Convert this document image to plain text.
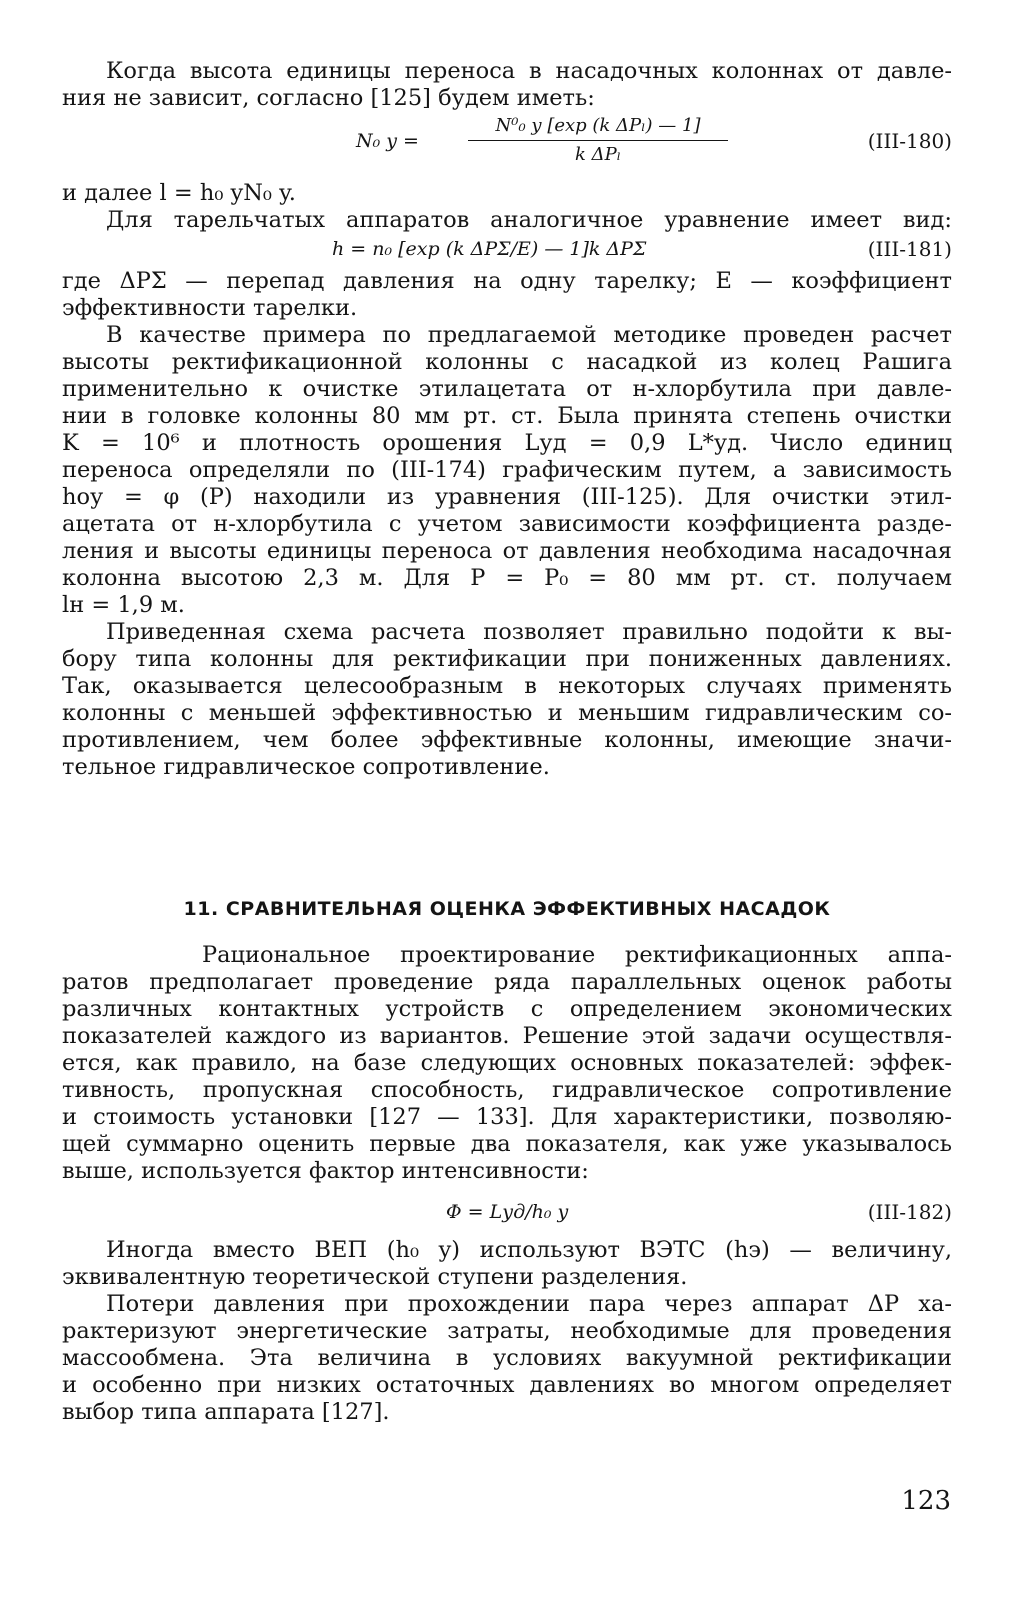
Когда высота единицы переноса в насадочных колоннах от давле-

ния не зависит, согласно [125] будем иметь:

N₀ y =
N⁰₀ y [exp (k ΔPₗ) — 1]
k ΔPₗ
(III-180)

и далее l = h₀ yN₀ y.

Для тарельчатых аппаратов аналогичное уравнение имеет вид:

h = n₀ [exp (k ΔPΣ/E) — 1]k ΔPΣ	(III-181)

где ΔPΣ — перепад давления на одну тарелку; E — коэффициент

эффективности тарелки.

В качестве примера по предлагаемой методике проведен расчет

высоты ректификационной колонны с насадкой из колец Рашига

применительно к очистке этилацетата от н-хлорбутила при давле-

нии в головке колонны 80 мм рт. ст. Была принята степень очистки

K = 10⁶ и плотность орошения Lуд = 0,9 L*уд. Число единиц

переноса определяли по (III-174) графическим путем, а зависимость

hоу = φ (P) находили из уравнения (III-125). Для очистки этил-

ацетата от н-хлорбутила с учетом зависимости коэффициента разде-

ления и высоты единицы переноса от давления необходима насадочная

колонна высотою 2,3 м. Для P = P₀ = 80 мм рт. ст. получаем

lн = 1,9 м.

Приведенная схема расчета позволяет правильно подойти к вы-

бору типа колонны для ректификации при пониженных давлениях.

Так, оказывается целесообразным в некоторых случаях применять

колонны с меньшей эффективностью и меньшим гидравлическим со-

противлением, чем более эффективные колонны, имеющие значи-

тельное гидравлическое сопротивление.

11. СРАВНИТЕЛЬНАЯ ОЦЕНКА ЭФФЕКТИВНЫХ НАСАДОК

Рациональное проектирование ректификационных аппа-

ратов предполагает проведение ряда параллельных оценок работы

различных контактных устройств с определением экономических

показателей каждого из вариантов. Решение этой задачи осуществля-

ется, как правило, на базе следующих основных показателей: эффек-

тивность, пропускная способность, гидравлическое сопротивление

и стоимость установки [127 — 133]. Для характеристики, позволяю-

щей суммарно оценить первые два показателя, как уже указывалось

выше, используется фактор интенсивности:

Φ = Lуд/h₀ y	(III-182)

Иногда вместо ВЕП (h₀ y) используют ВЭТС (hэ) — величину,

эквивалентную теоретической ступени разделения.

Потери давления при прохождении пара через аппарат ΔP ха-

рактеризуют энергетические затраты, необходимые для проведения

массообмена. Эта величина в условиях вакуумной ректификации

и особенно при низких остаточных давлениях во многом определяет

выбор типа аппарата [127].

123
